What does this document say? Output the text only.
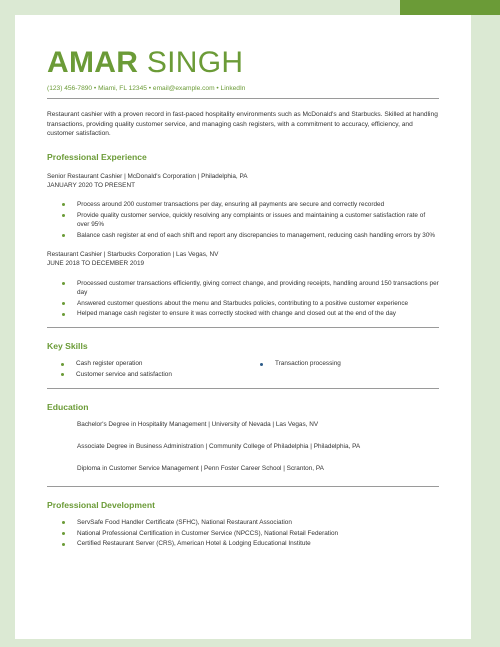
AMAR SINGH
(123) 456-7890 • Miami, FL 12345 • email@example.com • LinkedIn

Restaurant cashier with a proven record in fast-paced hospitality environments such as McDonald's and Starbucks. Skilled at handling transactions, providing quality customer service, and managing cash registers, with a commitment to accuracy, efficiency, and customer satisfaction.

Professional Experience
Senior Restaurant Cashier | McDonald's Corporation | Philadelphia, PA
JANUARY 2020 TO PRESENT
Process around 200 customer transactions per day, ensuring all payments are secure and correctly recorded
Provide quality customer service, quickly resolving any complaints or issues and maintaining a customer satisfaction rate of over 95%
Balance cash register at end of each shift and report any discrepancies to management, reducing cash handling errors by 30%
Restaurant Cashier | Starbucks Corporation | Las Vegas, NV
JUNE 2018 TO DECEMBER 2019
Processed customer transactions efficiently, giving correct change, and providing receipts, handling around 150 transactions per day
Answered customer questions about the menu and Starbucks policies, contributing to a positive customer experience
Helped manage cash register to ensure it was correctly stocked with change and closed out at the end of the day
Key Skills
Cash register operation
Customer service and satisfaction
Transaction processing
Education
Bachelor's Degree in Hospitality Management | University of Nevada | Las Vegas, NV
Associate Degree in Business Administration | Community College of Philadelphia | Philadelphia, PA
Diploma in Customer Service Management | Penn Foster Career School | Scranton, PA
Professional Development
ServSafe Food Handler Certificate (SFHC), National Restaurant Association
National Professional Certification in Customer Service (NPCCS), National Retail Federation
Certified Restaurant Server (CRS), American Hotel & Lodging Educational Institute
